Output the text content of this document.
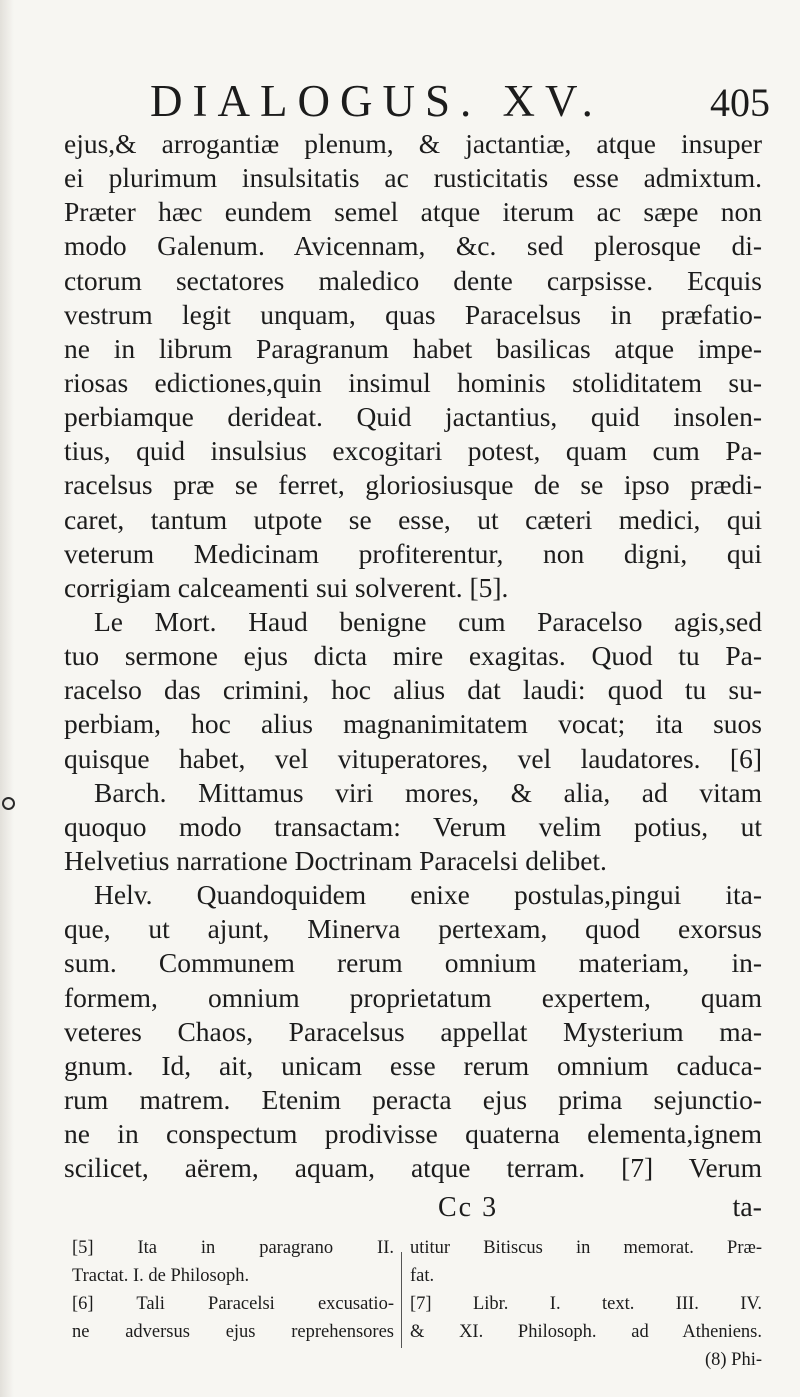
DIALOGUS. XV.	405
ejus,& arrogantiæ plenum, & jactantiæ, atque insuper
ei plurimum insulsitatis ac rusticitatis esse admixtum.
Præter hæc eundem semel atque iterum ac sæpe non
modo Galenum. Avicennam, &c. sed plerosque di-
ctorum sectatores maledico dente carpsisse. Ecquis
vestrum legit unquam, quas Paracelsus in præfatio-
ne in librum Paragranum habet basilicas atque impe-
riosas edictiones,quin insimul hominis stoliditatem su-
perbiamque derideat. Quid jactantius, quid insolen-
tius, quid insulsius excogitari potest, quam cum Pa-
racelsus præ se ferret, gloriosiusque de se ipso prædi-
caret, tantum utpote se esse, ut cæteri medici, qui
veterum Medicinam profiterentur, non digni, qui
corrigiam calceamenti sui solverent. [5].
Le Mort. Haud benigne cum Paracelso agis,sed
tuo sermone ejus dicta mire exagitas. Quod tu Pa-
racelso das crimini, hoc alius dat laudi: quod tu su-
perbiam, hoc alius magnanimitatem vocat; ita suos
quisque habet, vel vituperatores, vel laudatores. [6]
Barch. Mittamus viri mores, & alia, ad vitam
quoquo modo transactam: Verum velim potius, ut
Helvetius narratione Doctrinam Paracelsi delibet.
Helv. Quandoquidem enixe postulas,pingui ita-
que, ut ajunt, Minerva pertexam, quod exorsus
sum. Communem rerum omnium materiam, in-
formem, omnium proprietatum expertem, quam
veteres Chaos, Paracelsus appellat Mysterium ma-
gnum. Id, ait, unicam esse rerum omnium caduca-
rum matrem. Etenim peracta ejus prima sejunctio-
ne in conspectum prodivisse quaterna elementa,ignem
scilicet, aërem, aquam, atque terram. [7] Verum
Cc 3	ta-
[5] Ita in paragrano II.
Tractat. I. de Philosoph.
[6] Tali Paracelsi excusatio-
ne adversus ejus reprehensores
utitur Bitiscus in memorat. Præ-
fat.
[7] Libr. I. text. III. IV.
& XI. Philosoph. ad Atheniens.
(8) Phi-
